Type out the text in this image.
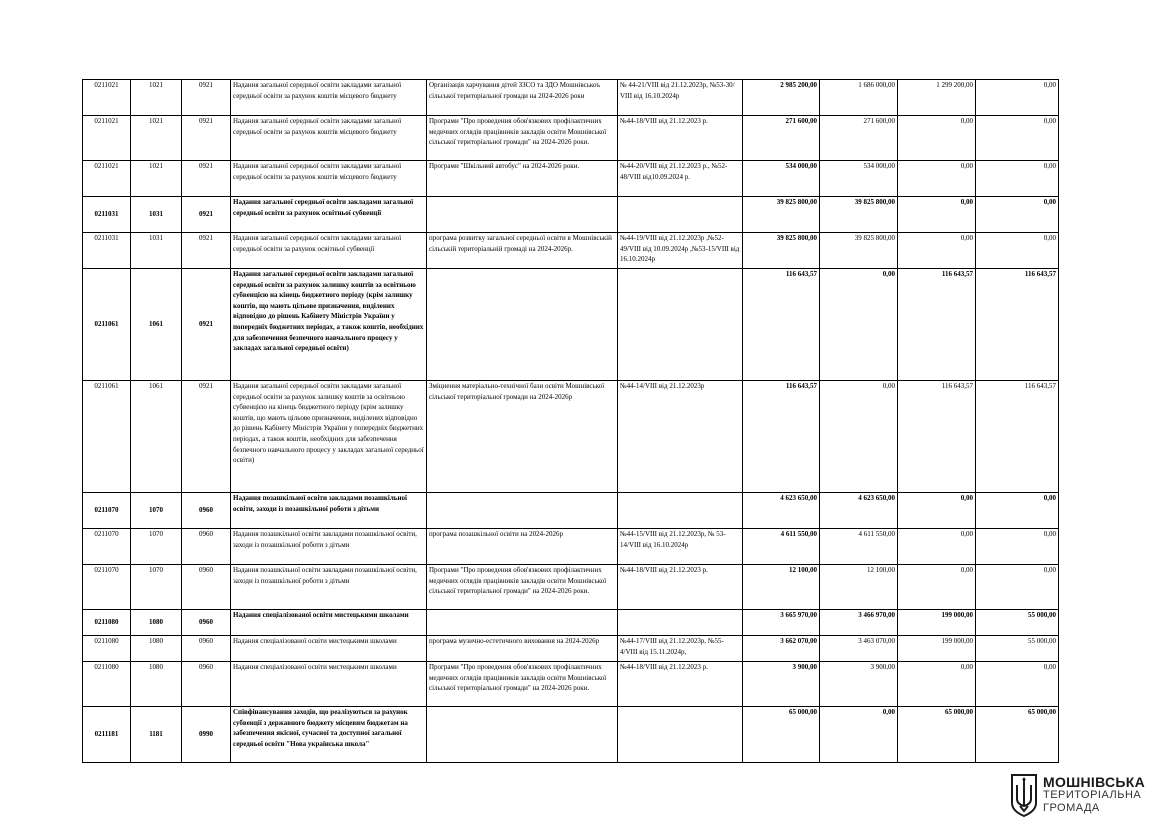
0211021	1021	0921	Надання загальної середньої освіти закладами загальної середньої освіти за рахунок коштів місцевого бюджету	Організація харчування дітей ЗЗСО та ЗДО Мошнівськоъ сільської територіальної громади на 2024-2026 роки	№ 44-21/VIII від 21.12.2023р, №53-30/ VIII від 16.10.2024р	2 985 200,00	1 686 000,00	1 299 200,00	0,00
0211021	1021	0921	Надання загальної середньої освіти закладами загальної середньої освіти за рахунок коштів місцевого бюджету	Програми "Про проведення обов'язкових профілактичних медичних оглядів працівників закладів освіти Мошнівської сільської територіальної громади" на 2024-2026 роки.	№44-18/VIII від 21.12.2023 р.	271 600,00	271 600,00	0,00	0,00
0211021	1021	0921	Надання загальної середньої освіти закладами загальної середньої освіти за рахунок коштів місцевого бюджету	Програми "Шкільний автобус" на 2024-2026 роки.	№44-20/VIII від 21.12.2023 р., №52-48/VIII від10.09.2024 р.	534 000,00	534 000,00	0,00	0,00
0211031	1031	0921	Надання загальної середньої освіти закладами загальної середньої освіти за рахунок освітньої субвенції			39 825 800,00	39 825 800,00	0,00	0,00
0211031	1031	0921	Надання загальної середньої освіти закладами загальної середньої освіти за рахунок освітньої субвенції	програма розвитку загальної середньої освіти в Мошнівській сільській територіальній громаді на 2024-2026р.	№44-19/VIII від 21.12.2023р ,№52-49/VIII від 10.09.2024р ,№53-15/VIII від 16.10.2024р	39 825 800,00	39 825 800,00	0,00	0,00
0211061	1061	0921	Надання загальної середньої освіти закладами загальної середньої освіти за рахунок залишку коштів за освітньою субвенцією на кінець бюджетного періоду (крім залишку коштів, що мають цільове призначення, виділених відповідно до рішень Кабінету Міністрів України у попередніх бюджетних періодах, а також коштів, необхідних для забезпечення безпечного навчального процесу у закладах загальної середньої освіти)			116 643,57	0,00	116 643,57	116 643,57
0211061	1061	0921	Надання загальної середньої освіти закладами загальної середньої освіти за рахунок залишку коштів за освітньою субвенцією на кінець бюджетного періоду (крім залишку коштів, що мають цільове призначення, виділених відповідно до рішень Кабінету Міністрів України у попередніх бюджетних періодах, а також коштів, необхідних для забезпечення безпечного навчального процесу у закладах загальної середньої освіти)	Зміцнення матеріально-технічної бази освіти Мошнівської сільської територіальної громади на 2024-2026р	№44-14/VIII від 21.12.2023р	116 643,57	0,00	116 643,57	116 643,57
0211070	1070	0960	Надання позашкільної освіти закладами позашкільної освіти, заходи із позашкільної роботи з дітьми			4 623 650,00	4 623 650,00	0,00	0,00
0211070	1070	0960	Надання позашкільної освіти закладами позашкільної освіти, заходи із позашкільної роботи з дітьми	програма позашкільної освіти на 2024-2026р	№44-15/VIII від 21.12.2023р, № 53-14/VIII від 16.10.2024р	4 611 550,00	4 611 550,00	0,00	0,00
0211070	1070	0960	Надання позашкільної освіти закладами позашкільної освіти, заходи із позашкільної роботи з дітьми	Програми "Про проведення обов'язкових профілактичних медичних оглядів працівників закладів освіти Мошнівської сільської територіальної громади" на 2024-2026 роки.	№44-18/VIII від 21.12.2023 р.	12 100,00	12 100,00	0,00	0,00
0211080	1080	0960	Надання спеціалізованої освіти мистецькими школами			3 665 970,00	3 466 970,00	199 000,00	55 000,00
0211080	1080	0960	Надання спеціалізованої освіти мистецькими школами	програма музично-естетичного виховання на 2024-2026р	№44-17/VIII від 21.12.2023р, №55-4/VIII від 15.11.2024р,	3 662 070,00	3 463 070,00	199 000,00	55 000,00
0211080	1080	0960	Надання спеціалізованої освіти мистецькими школами	Програми "Про проведення обов'язкових профілактичних медичних оглядів працівників закладів освіти Мошнівської сільської територіальної громади" на 2024-2026 роки.	№44-18/VIII від 21.12.2023 р.	3 900,00	3 900,00	0,00	0,00
0211181	1181	0990	Співфінансування заходів, що реалізуються за рахунок субвенції з державного бюджету місцевим бюджетам на забезпечення якісної, сучасної та доступної загальної середньої освіти "Нова українська школа"			65 000,00	0,00	65 000,00	65 000,00
МОШНІВСЬКА
ТЕРИТОРІАЛЬНА
ГРОМАДА
